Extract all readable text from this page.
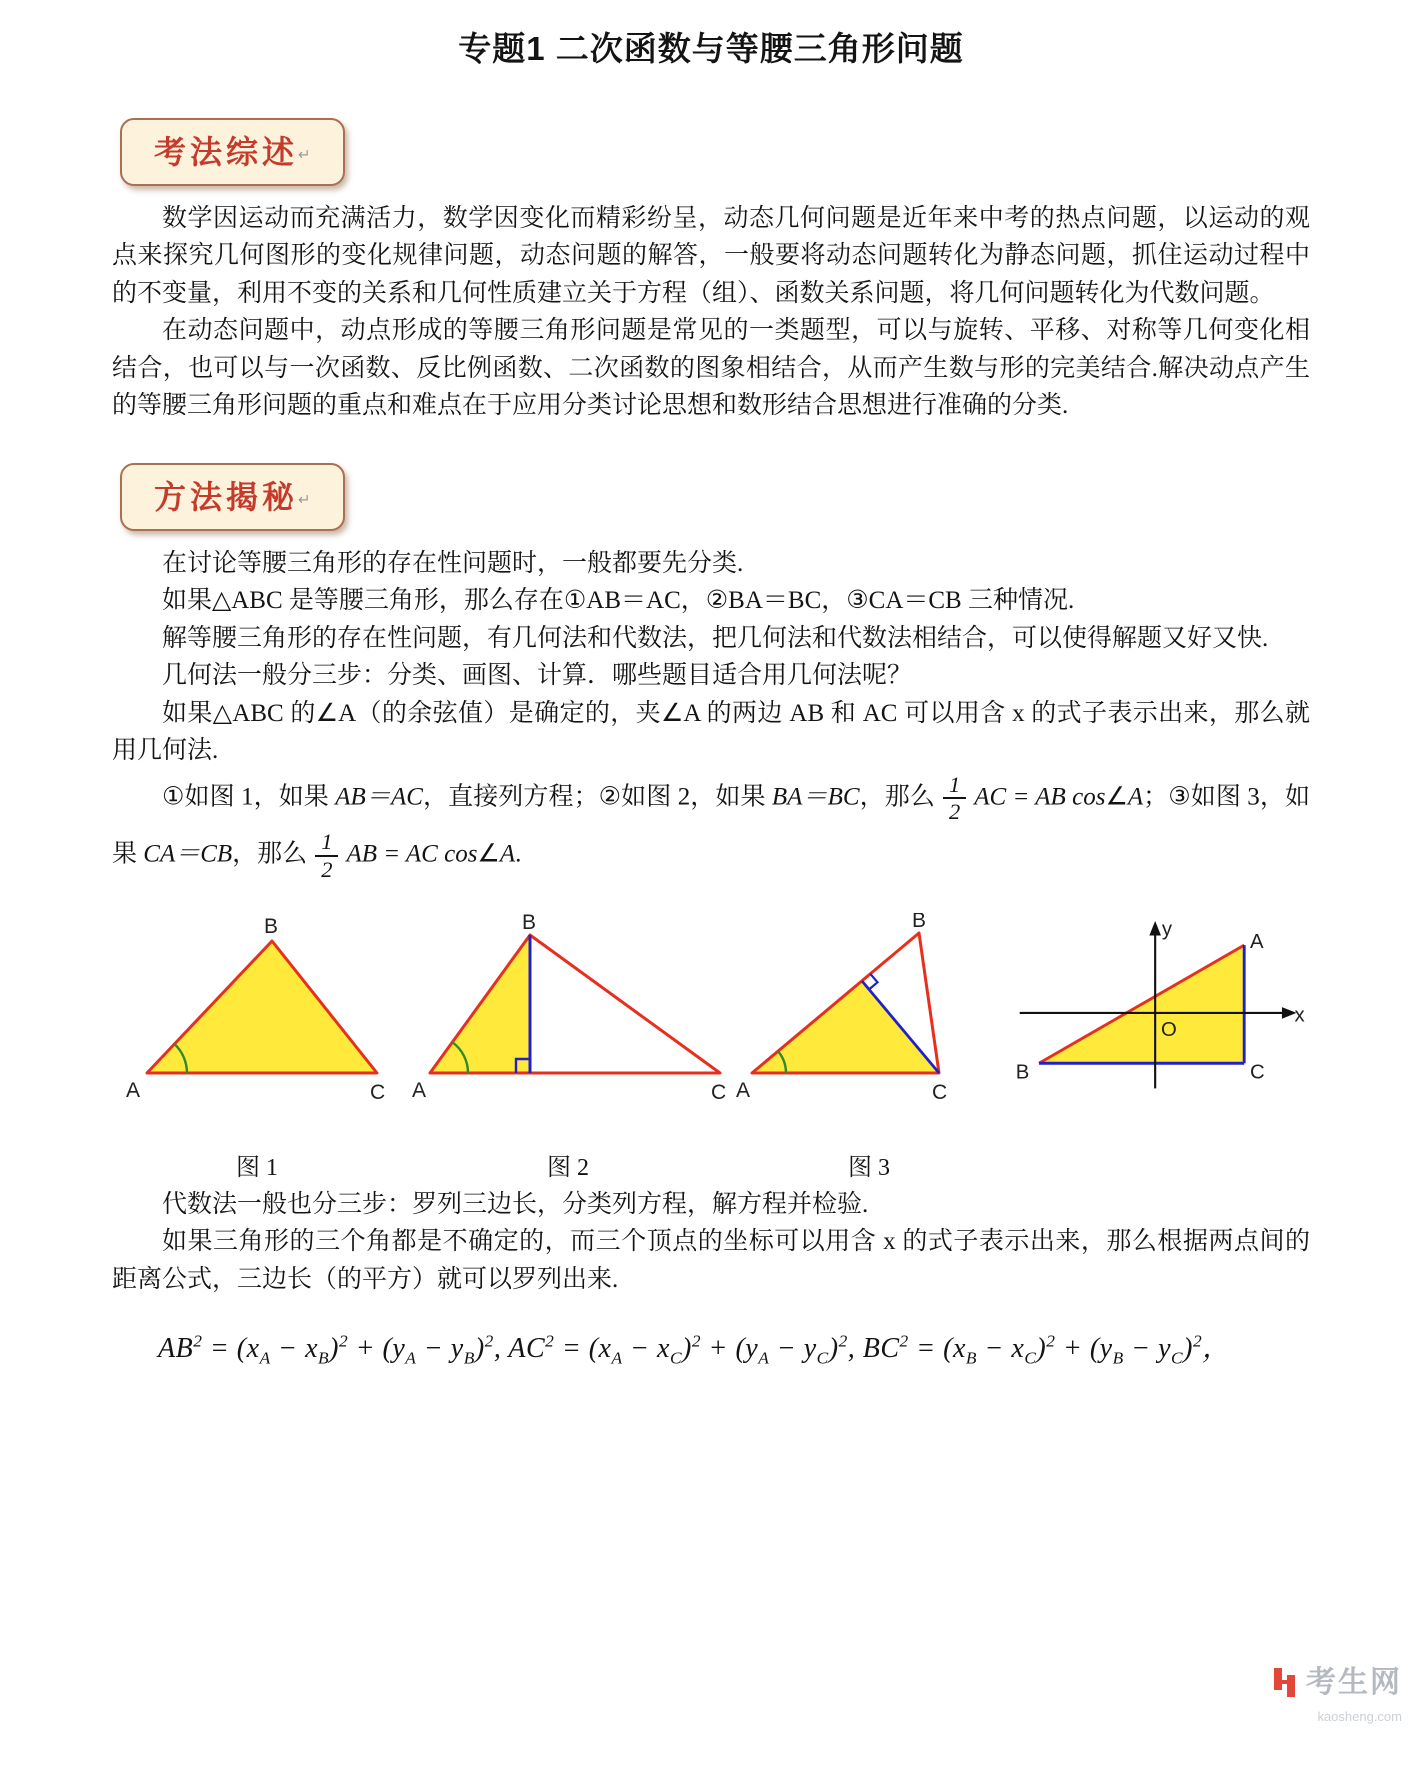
专题1 二次函数与等腰三角形问题
考法综述↵

数学因运动而充满活力，数学因变化而精彩纷呈，动态几何问题是近年来中考的热点问题，以运动的观点来探究几何图形的变化规律问题，动态问题的解答，一般要将动态问题转化为静态问题，抓住运动过程中的不变量，利用不变的关系和几何性质建立关于方程（组）、函数关系问题，将几何问题转化为代数问题。

在动态问题中，动点形成的等腰三角形问题是常见的一类题型，可以与旋转、平移、对称等几何变化相结合，也可以与一次函数、反比例函数、二次函数的图象相结合，从而产生数与形的完美结合.解决动点产生的等腰三角形问题的重点和难点在于应用分类讨论思想和数形结合思想进行准确的分类.

方法揭秘↵

在讨论等腰三角形的存在性问题时，一般都要先分类.

如果△ABC 是等腰三角形，那么存在①AB＝AC，②BA＝BC，③CA＝CB 三种情况.

解等腰三角形的存在性问题，有几何法和代数法，把几何法和代数法相结合，可以使得解题又好又快.

几何法一般分三步：分类、画图、计算．哪些题目适合用几何法呢？

如果△ABC 的∠A（的余弦值）是确定的，夹∠A 的两边 AB 和 AC 可以用含 x 的式子表示出来，那么就用几何法.

①如图 1，如果 AB＝AC，直接列方程；②如图 2，如果 BA＝BC，那么 $\frac{1}{2}$ AC = AB cos∠A；③如图 3，如果 CA＝CB，那么 $\frac{1}{2}$ AB = AC cos∠A.

A
B
C
图 1
A
B
C
图 2
A
B
C
图 3
y
x
O
A
B	C

代数法一般也分三步：罗列三边长，分类列方程，解方程并检验.

如果三角形的三个角都是不确定的，而三个顶点的坐标可以用含 x 的式子表示出来，那么根据两点间的距离公式，三边长（的平方）就可以罗列出来.

$AB^2 = (x_A - x_B)^2 + (y_A - y_B)^2$, $AC^2 = (x_A - x_C)^2 + (y_A - y_C)^2$, $BC^2 = (x_B - x_C)^2 + (y_B - y_C)^2$，

考生网
kaosheng.com
